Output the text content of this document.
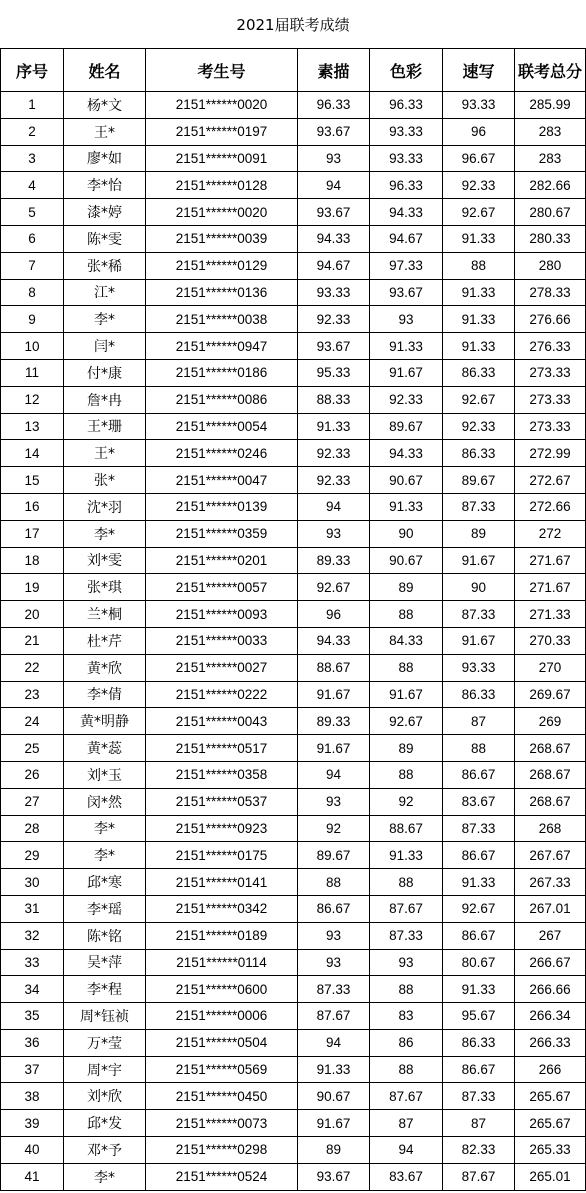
2021届联考成绩
序号	姓名	考生号	素描	色彩	速写	联考总分
1	杨*文	2151******0020	96.33	96.33	93.33	285.99
2	王*	2151******0197	93.67	93.33	96	283
3	廖*如	2151******0091	93	93.33	96.67	283
4	李*怡	2151******0128	94	96.33	92.33	282.66
5	漆*婷	2151******0020	93.67	94.33	92.67	280.67
6	陈*雯	2151******0039	94.33	94.67	91.33	280.33
7	张*稀	2151******0129	94.67	97.33	88	280
8	江*	2151******0136	93.33	93.67	91.33	278.33
9	李*	2151******0038	92.33	93	91.33	276.66
10	闫*	2151******0947	93.67	91.33	91.33	276.33
11	付*康	2151******0186	95.33	91.67	86.33	273.33
12	詹*冉	2151******0086	88.33	92.33	92.67	273.33
13	王*珊	2151******0054	91.33	89.67	92.33	273.33
14	王*	2151******0246	92.33	94.33	86.33	272.99
15	张*	2151******0047	92.33	90.67	89.67	272.67
16	沈*羽	2151******0139	94	91.33	87.33	272.66
17	李*	2151******0359	93	90	89	272
18	刘*雯	2151******0201	89.33	90.67	91.67	271.67
19	张*琪	2151******0057	92.67	89	90	271.67
20	兰*桐	2151******0093	96	88	87.33	271.33
21	杜*芹	2151******0033	94.33	84.33	91.67	270.33
22	黄*欣	2151******0027	88.67	88	93.33	270
23	李*倩	2151******0222	91.67	91.67	86.33	269.67
24	黄*明静	2151******0043	89.33	92.67	87	269
25	黄*蕊	2151******0517	91.67	89	88	268.67
26	刘*玉	2151******0358	94	88	86.67	268.67
27	闵*然	2151******0537	93	92	83.67	268.67
28	李*	2151******0923	92	88.67	87.33	268
29	李*	2151******0175	89.67	91.33	86.67	267.67
30	邱*寒	2151******0141	88	88	91.33	267.33
31	李*瑶	2151******0342	86.67	87.67	92.67	267.01
32	陈*铭	2151******0189	93	87.33	86.67	267
33	吴*萍	2151******0114	93	93	80.67	266.67
34	李*程	2151******0600	87.33	88	91.33	266.66
35	周*钰祯	2151******0006	87.67	83	95.67	266.34
36	万*莹	2151******0504	94	86	86.33	266.33
37	周*宇	2151******0569	91.33	88	86.67	266
38	刘*欣	2151******0450	90.67	87.67	87.33	265.67
39	邱*发	2151******0073	91.67	87	87	265.67
40	邓*予	2151******0298	89	94	82.33	265.33
41	李*	2151******0524	93.67	83.67	87.67	265.01
